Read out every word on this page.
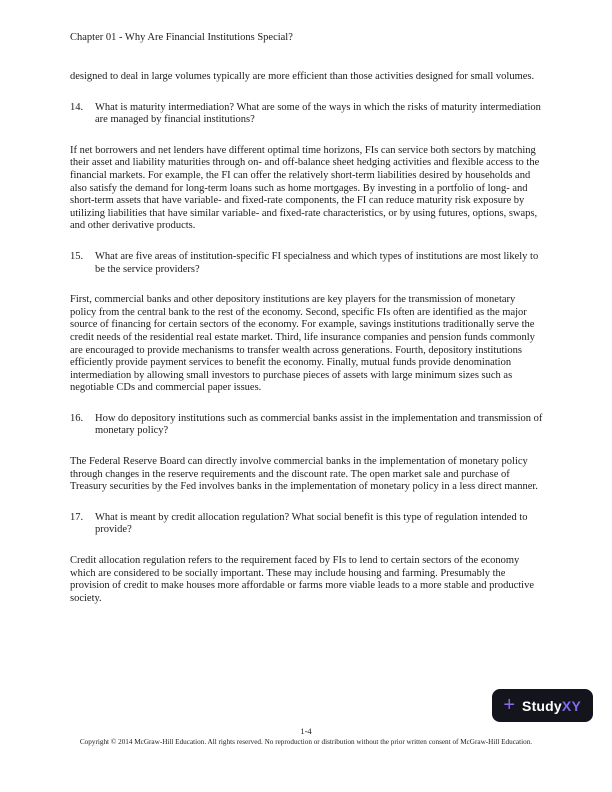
Chapter 01 - Why Are Financial Institutions Special?

designed to deal in large volumes typically are more efficient than those activities designed for small volumes.

14.	What is maturity intermediation? What are some of the ways in which the risks of maturity intermediation are managed by financial institutions?

If net borrowers and net lenders have different optimal time horizons, FIs can service both sectors by matching their asset and liability maturities through on- and off-balance sheet hedging activities and flexible access to the financial markets. For example, the FI can offer the relatively short-term liabilities desired by households and also satisfy the demand for long-term loans such as home mortgages. By investing in a portfolio of long- and short-term assets that have variable- and fixed-rate components, the FI can reduce maturity risk exposure by utilizing liabilities that have similar variable- and fixed-rate characteristics, or by using futures, options, swaps, and other derivative products.

15.	What are five areas of institution-specific FI specialness and which types of institutions are most likely to be the service providers?

First, commercial banks and other depository institutions are key players for the transmission of monetary policy from the central bank to the rest of the economy. Second, specific FIs often are identified as the major source of financing for certain sectors of the economy. For example, savings institutions traditionally serve the credit needs of the residential real estate market. Third, life insurance companies and pension funds commonly are encouraged to provide mechanisms to transfer wealth across generations. Fourth, depository institutions efficiently provide payment services to benefit the economy. Finally, mutual funds provide denomination intermediation by allowing small investors to purchase pieces of assets with large minimum sizes such as negotiable CDs and commercial paper issues.

16.	How do depository institutions such as commercial banks assist in the implementation and transmission of monetary policy?

The Federal Reserve Board can directly involve commercial banks in the implementation of monetary policy through changes in the reserve requirements and the discount rate. The open market sale and purchase of Treasury securities by the Fed involves banks in the implementation of monetary policy in a less direct manner.

17.	What is meant by credit allocation regulation? What social benefit is this type of regulation intended to provide?

Credit allocation regulation refers to the requirement faced by FIs to lend to certain sectors of the economy which are considered to be socially important. These may include housing and farming. Presumably the provision of credit to make houses more affordable or farms more viable leads to a more stable and productive society.

+ StudyXY
1-4
Copyright © 2014 McGraw-Hill Education. All rights reserved. No reproduction or distribution without the prior written consent of McGraw-Hill Education.
